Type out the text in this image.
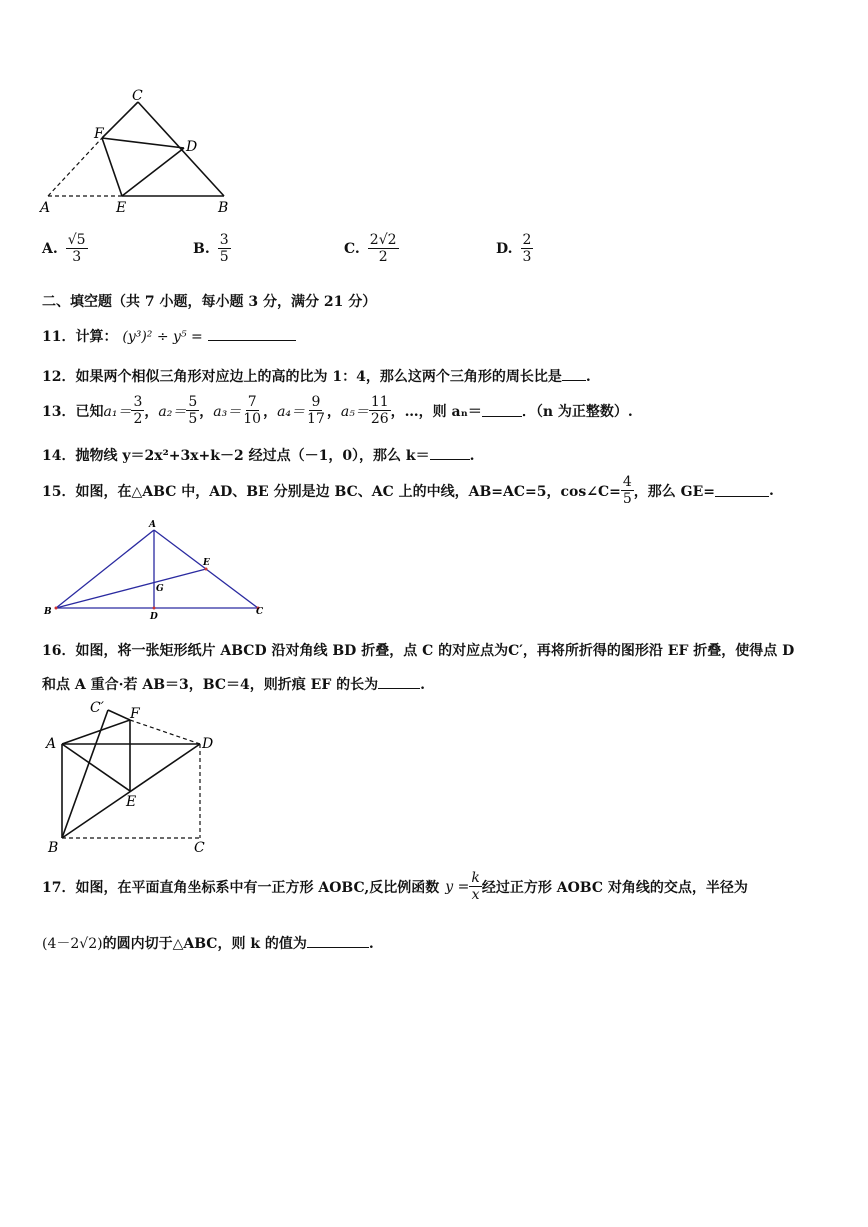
C
F
D
A	E	B
A. $\frac{√5}{3}$	B. $\frac{3}{5}$	C. $\frac{2√2}{2}$	D. $\frac{2}{3}$
二、填空题（共 7 小题，每小题 3 分，满分 21 分）
11．计算： (y³)² ÷ y⁵ =
12．如果两个相似三角形对应边上的高的比为 1：4，那么这两个三角形的周长比是 .
13．已知 $a_1= \frac{3}{2}$ ， $a_2= \frac{5}{5}$ ， $a_3= \frac{7}{10}$ ， $a_4= \frac{9}{17}$ ， $a_5= \frac{11}{26}$ ，…，则 aₙ＝	．（n 为正整数）.
14．抛物线 y＝2x²+3x+k－2 经过点（－1，0），那么 k＝	.
15．如图，在△ABC 中，AD、BE 分别是边 BC、AC 上的中线，AB=AC=5，cos∠C= $\frac{4}{5}$ ，那么 GE=	.
A
B	C
D
E
G
16．如图，将一张矩形纸片 ABCD 沿对角线 BD 折叠，点 C 的对应点为C′，再将所折得的图形沿 EF 折叠，使得点 D
和点 A 重合·若 AB＝3，BC＝4，则折痕 EF 的长为	.
C′ F
A	D
E
B	C
17．如图，在平面直角坐标系中有一正方形 AOBC,反比例函数 $y = \frac{k}{x}$ 经过正方形 AOBC 对角线的交点，半径为
(4－2√2)的圆内切于△ABC，则 k 的值为	.
